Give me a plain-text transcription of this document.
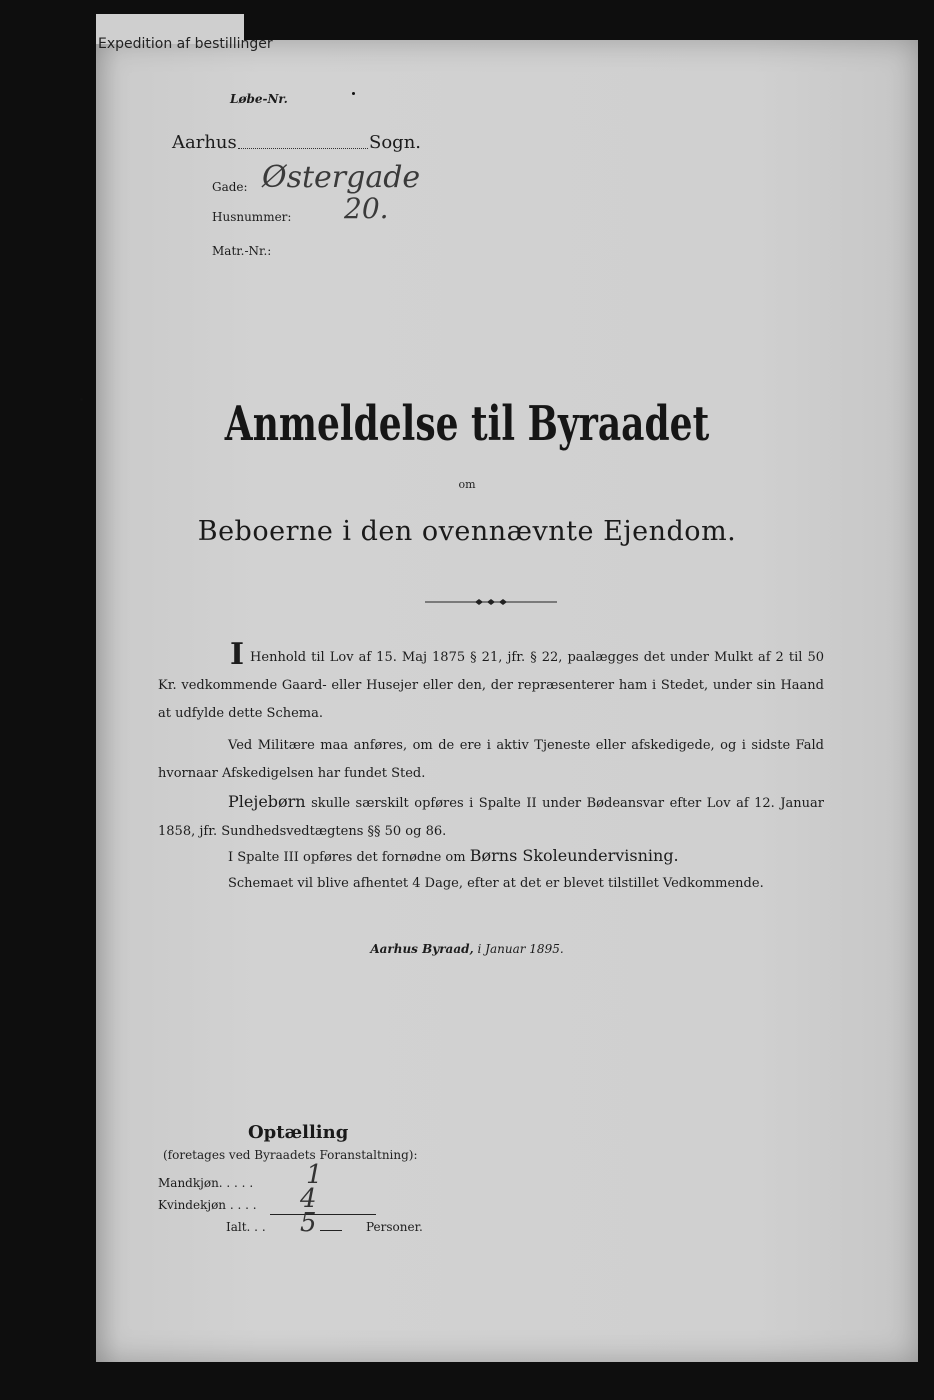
Expedition af bestillinger
Løbe-Nr.
Aarhus	Sogn.
Gade: Østergade
Husnummer: 20.
Matr.-Nr.:
Anmeldelse til Byraadet
om
Beboerne i den ovennævnte Ejendom.
I Henhold til Lov af 15. Maj 1875 § 21, jfr. § 22, paalægges det under Mulkt af 2 til 50 Kr. vedkommende Gaard- eller Husejer eller den, der repræsenterer ham i Stedet, under sin Haand at udfylde dette Schema.
Ved Militære maa anføres, om de ere i aktiv Tjeneste eller afskedigede, og i sidste Fald hvornaar Afskedigelsen har fundet Sted.
Plejebørn skulle særskilt opføres i Spalte II under Bødeansvar efter Lov af 12. Januar 1858, jfr. Sundhedsvedtægtens §§ 50 og 86.
I Spalte III opføres det fornødne om Børns Skoleundervisning.
Schemaet vil blive afhentet 4 Dage, efter at det er blevet tilstillet Vedkommende.
Aarhus Byraad, i Januar 1895.
Optælling
(foretages ved Byraadets Foranstaltning):
Mandkjøn. . . . . 1
Kvindekjøn . . . . 4
Ialt. . . 5	Personer.
